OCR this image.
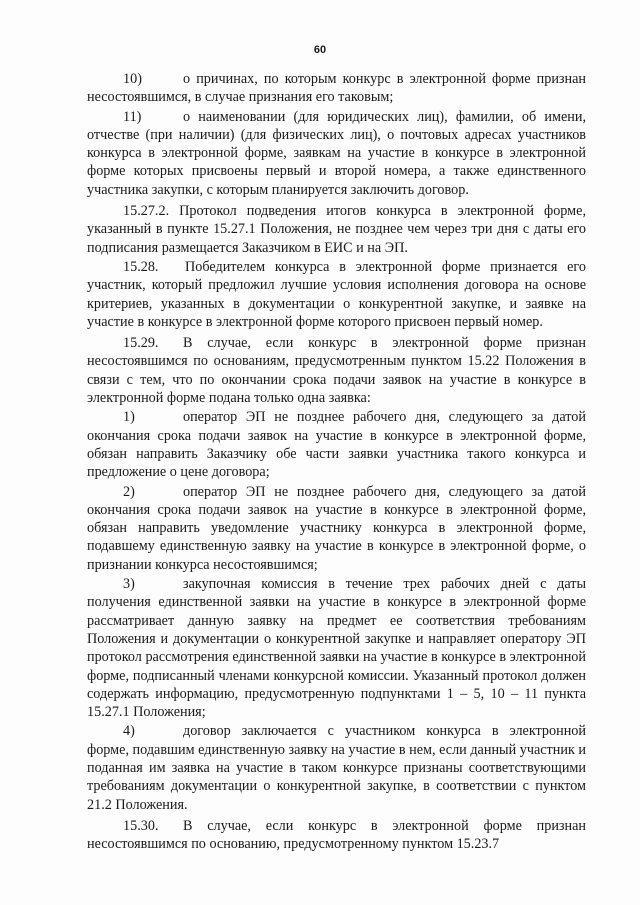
60

10)	о причинах, по которым конкурс в электронной форме признан несостоявшимся, в случае признания его таковым;

11)	о наименовании (для юридических лиц), фамилии, об имени, отчестве (при наличии) (для физических лиц), о почтовых адресах участников конкурса в электронной форме, заявкам на участие в конкурсе в электронной форме которых присвоены первый и второй номера, а также единственного участника закупки, с которым планируется заключить договор.

15.27.2. Протокол подведения итогов конкурса в электронной форме, указанный в пункте 15.27.1 Положения, не позднее чем через три дня с даты его подписания размещается Заказчиком в ЕИС и на ЭП.

15.28. Победителем конкурса в электронной форме признается его участник, который предложил лучшие условия исполнения договора на основе критериев, указанных в документации о конкурентной закупке, и заявке на участие в конкурсе в электронной форме которого присвоен первый номер.

15.29. В случае, если конкурс в электронной форме признан несостоявшимся по основаниям, предусмотренным пунктом 15.22 Положения в связи с тем, что по окончании срока подачи заявок на участие в конкурсе в электронной форме подана только одна заявка:

1)	оператор ЭП не позднее рабочего дня, следующего за датой окончания срока подачи заявок на участие в конкурсе в электронной форме, обязан направить Заказчику обе части заявки участника такого конкурса и предложение о цене договора;

2)	оператор ЭП не позднее рабочего дня, следующего за датой окончания срока подачи заявок на участие в конкурсе в электронной форме, обязан направить уведомление участнику конкурса в электронной форме, подавшему единственную заявку на участие в конкурсе в электронной форме, о признании конкурса несостоявшимся;

3)	закупочная комиссия в течение трех рабочих дней с даты получения единственной заявки на участие в конкурсе в электронной форме рассматривает данную заявку на предмет ее соответствия требованиям Положения и документации о конкурентной закупке и направляет оператору ЭП протокол рассмотрения единственной заявки на участие в конкурсе в электронной форме, подписанный членами конкурсной комиссии. Указанный протокол должен содержать информацию, предусмотренную подпунктами 1 – 5, 10 – 11 пункта 15.27.1 Положения;

4)	договор заключается с участником конкурса в электронной форме, подавшим единственную заявку на участие в нем, если данный участник и поданная им заявка на участие в таком конкурсе признаны соответствующими требованиям документации о конкурентной закупке, в соответствии с пунктом 21.2 Положения.

15.30. В случае, если конкурс в электронной форме признан несостоявшимся по основанию, предусмотренному пунктом 15.23.7
